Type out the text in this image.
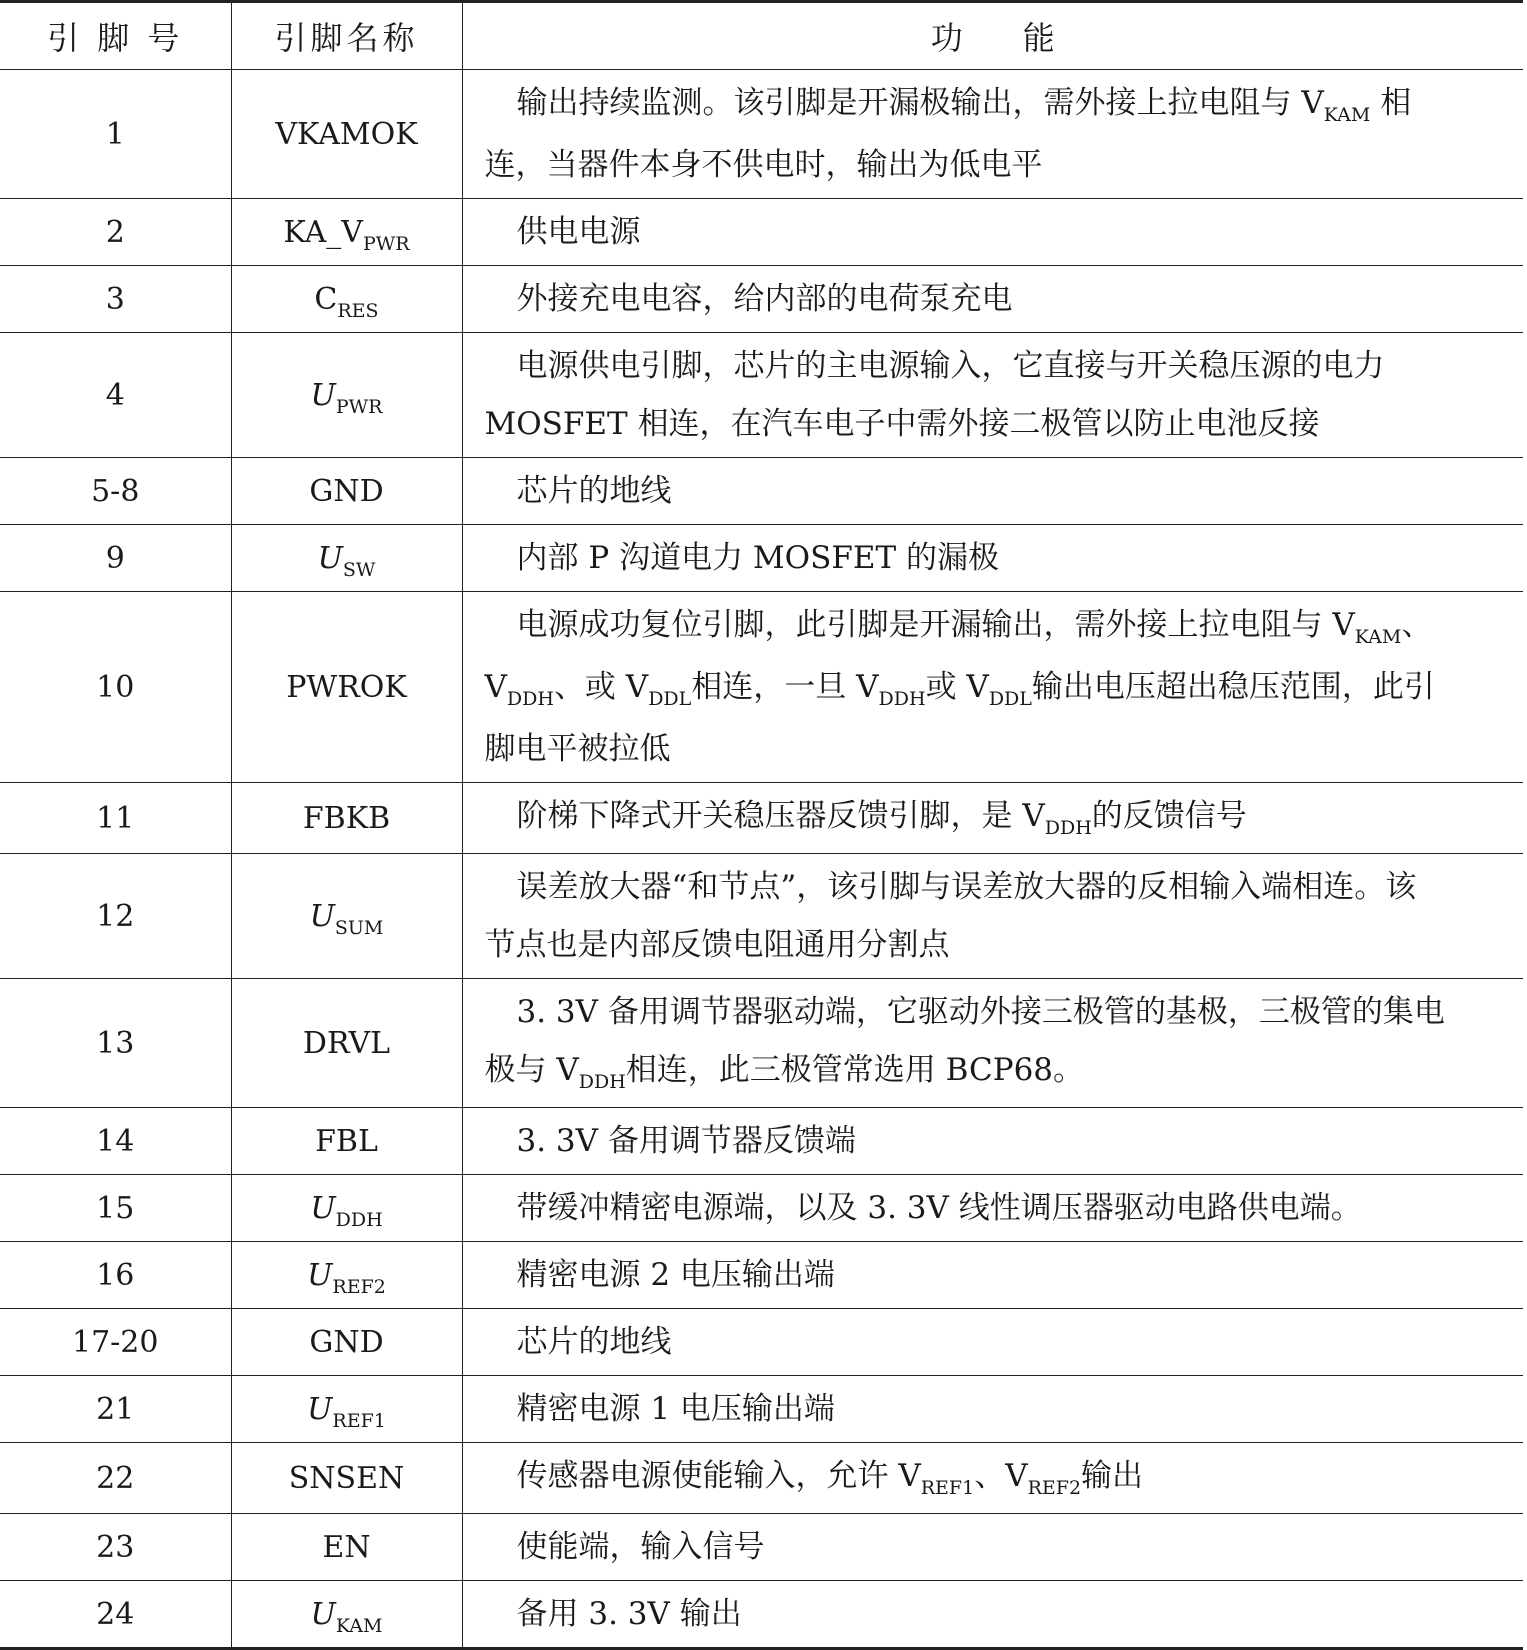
引 脚 号	引脚名称	功 能
1	VKAMOK	输出持续监测。该引脚是开漏极输出，需外接上拉电阻与 $V_{KAM}$ 相
连，当器件本身不供电时，输出为低电平

2	$KA\_V_{PWR}$	供电电源
3	$C_{RES}$	外接充电电容，给内部的电荷泵充电
4	$U_{PWR}$	电源供电引脚，芯片的主电源输入，它直接与开关稳压源的电力
MOSFET 相连，在汽车电子中需外接二极管以防止电池反接

5-8	GND	芯片的地线
9	$U_{SW}$	内部 P 沟道电力 MOSFET 的漏极
10	PWROK	电源成功复位引脚，此引脚是开漏输出，需外接上拉电阻与 $V_{KAM}$、
$V_{DDH}$、或 $V_{DDL}$相连，一旦 $V_{DDH}$或 $V_{DDL}$输出电压超出稳压范围，此引
脚电平被拉低

11	FBKB	阶梯下降式开关稳压器反馈引脚，是 $V_{DDH}$的反馈信号
12	$U_{SUM}$	误差放大器“和节点”，该引脚与误差放大器的反相输入端相连。该
节点也是内部反馈电阻通用分割点

13	DRVL	3. 3V 备用调节器驱动端，它驱动外接三极管的基极，三极管的集电
极与 $V_{DDH}$相连，此三极管常选用 BCP68。

14	FBL	3. 3V 备用调节器反馈端
15	$U_{DDH}$	带缓冲精密电源端，以及 3. 3V 线性调压器驱动电路供电端。
16	$U_{REF2}$	精密电源 2 电压输出端
17-20	GND	芯片的地线
21	$U_{REF1}$	精密电源 1 电压输出端
22	SNSEN	传感器电源使能输入，允许 $V_{REF1}$、$V_{REF2}$输出
23	EN	使能端，输入信号
24	$U_{KAM}$	备用 3. 3V 输出
